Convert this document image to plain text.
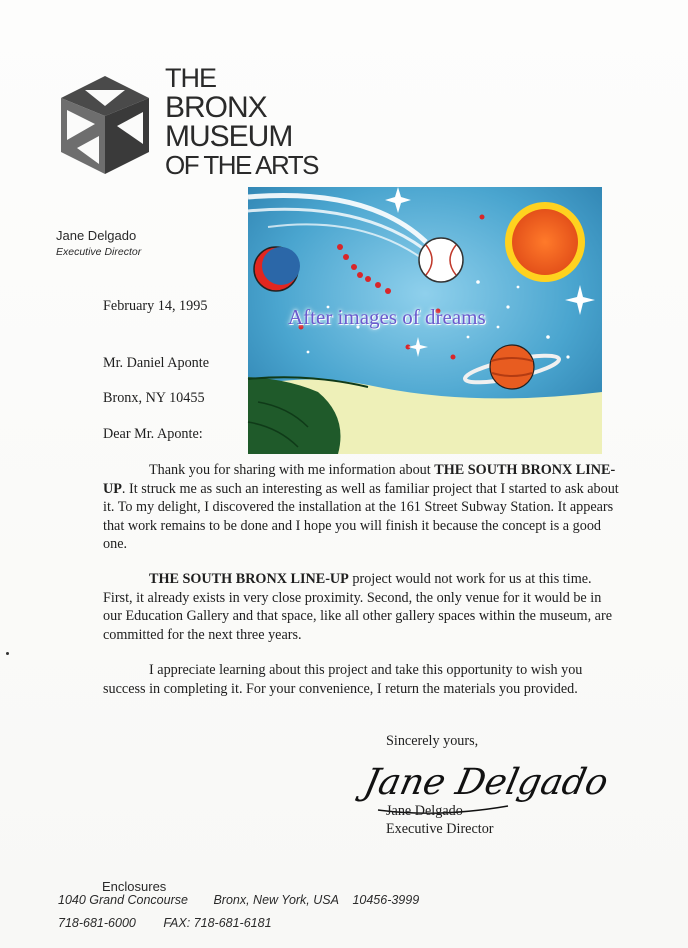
THE
BRONX
MUSEUM
OF THE ARTS
Jane Delgado
Executive Director
After images of dreams
February 14, 1995
Mr. Daniel Aponte
Bronx, NY 10455
Dear Mr. Aponte:
Thank you for sharing with me information about THE SOUTH BRONX LINE-UP. It struck me as such an interesting as well as familiar project that I started to ask about it. To my delight, I discovered the installation at the 161 Street Subway Station. It appears that work remains to be done and I hope you will finish it because the concept is a good one.
THE SOUTH BRONX LINE-UP project would not work for us at this time. First, it already exists in very close proximity. Second, the only venue for it would be in our Education Gallery and that space, like all other gallery spaces within the museum, are committed for the next three years.
I appreciate learning about this project and take this opportunity to wish you success in completing it. For your convenience, I return the materials you provided.
Sincerely yours,
Jane Delgado
Jane Delgado
Executive Director
Enclosures
1040 Grand Concourse Bronx, New York, USA 10456-3999
718-681-6000 FAX: 718-681-6181
